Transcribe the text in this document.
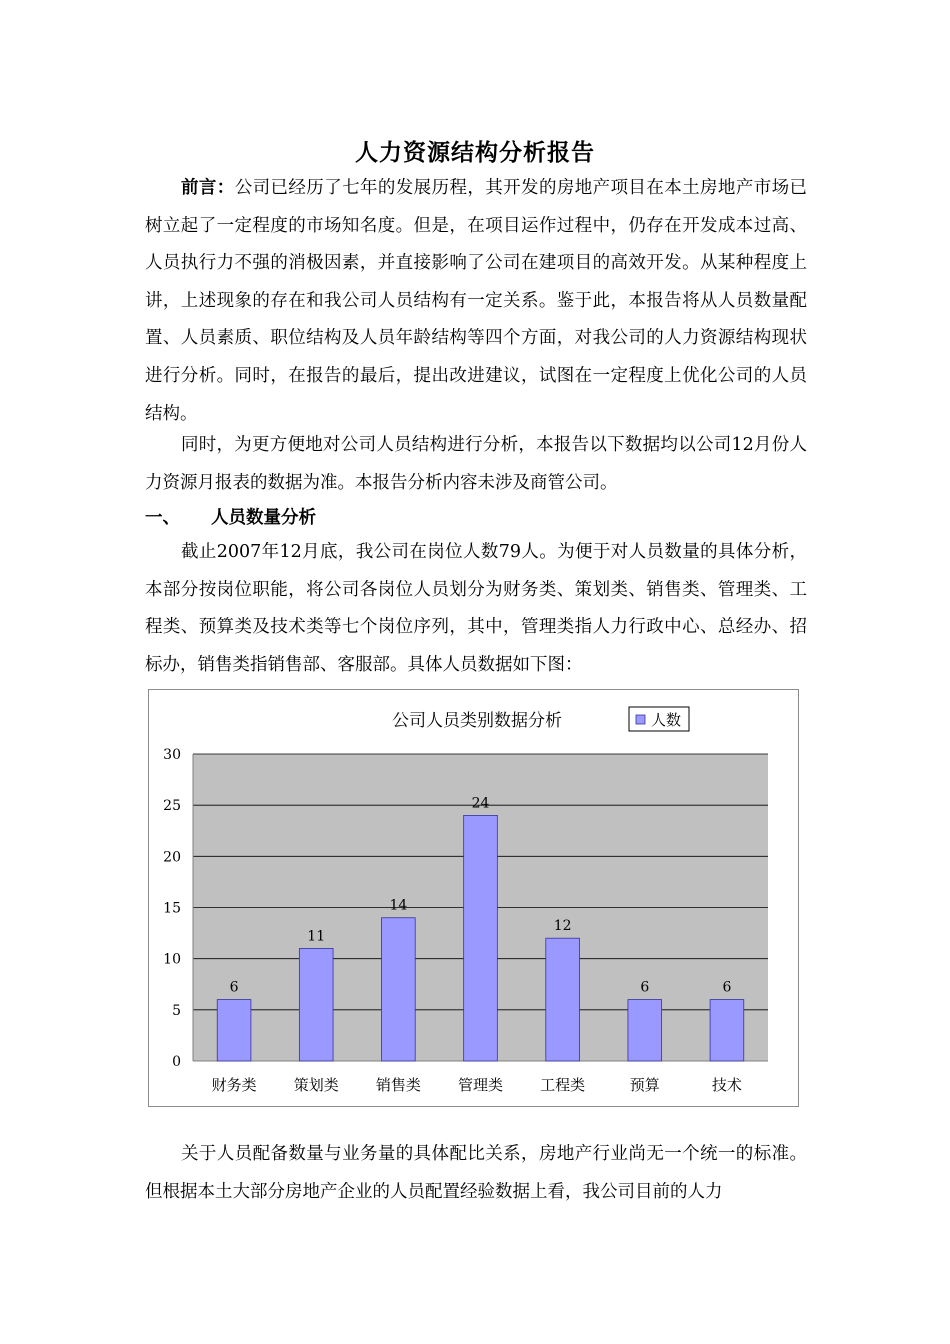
人力资源结构分析报告

前言：公司已经历了七年的发展历程，其开发的房地产项目在本土房地产市场已树立起了一定程度的市场知名度。但是，在项目运作过程中，仍存在开发成本过高、人员执行力不强的消极因素，并直接影响了公司在建项目的高效开发。从某种程度上讲，上述现象的存在和我公司人员结构有一定关系。鉴于此，本报告将从人员数量配置、人员素质、职位结构及人员年龄结构等四个方面，对我公司的人力资源结构现状进行分析。同时，在报告的最后，提出改进建议，试图在一定程度上优化公司的人员结构。

同时，为更方便地对公司人员结构进行分析，本报告以下数据均以公司12月份人力资源月报表的数据为准。本报告分析内容未涉及商管公司。

一、 人员数量分析

截止2007年12月底，我公司在岗位人数79人。为便于对人员数量的具体分析，本部分按岗位职能，将公司各岗位人员划分为财务类、策划类、销售类、管理类、工程类、预算类及技术类等七个岗位序列，其中，管理类指人力行政中心、总经办、招标办，销售类指销售部、客服部。具体人员数据如下图：

公司人员类别数据分析	人数
0
5
10
15
20
25
30
6
财务类
11
策划类
14
销售类
24
管理类
12
工程类
6
预算
6
技术

关于人员配备数量与业务量的具体配比关系，房地产行业尚无一个统一的标准。但根据本土大部分房地产企业的人员配置经验数据上看，我公司目前的人力
